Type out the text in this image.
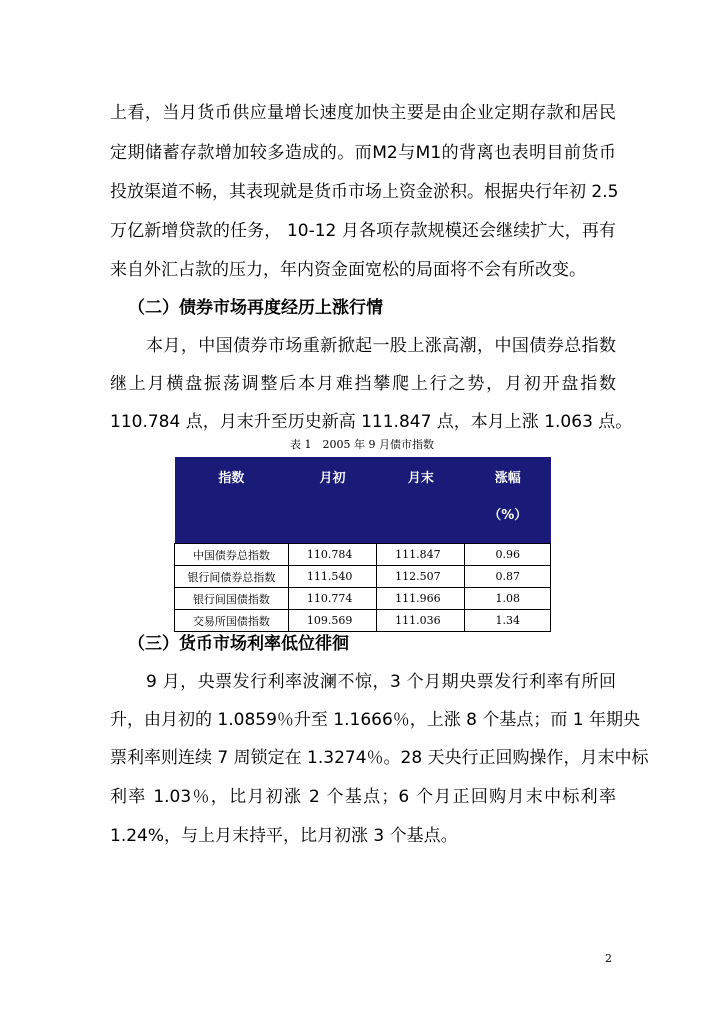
上看，当月货币供应量增长速度加快主要是由企业定期存款和居民
定期储蓄存款增加较多造成的。而M2与M1的背离也表明目前货币
投放渠道不畅，其表现就是货币市场上资金淤积。根据央行年初 2.5
万亿新增贷款的任务， 10-12 月各项存款规模还会继续扩大，再有
来自外汇占款的压力，年内资金面宽松的局面将不会有所改变。
（二）债券市场再度经历上涨行情
本月，中国债券市场重新掀起一股上涨高潮，中国债券总指数
继上月横盘振荡调整后本月难挡攀爬上行之势，月初开盘指数
110.784 点，月末升至历史新高 111.847 点，本月上涨 1.063 点。
表 1　2005 年 9 月债市指数
指数	月初	月末	涨幅
（%）

中国债券总指数	110.784	111.847	0.96
银行间债券总指数	111.540	112.507	0.87
银行间国债指数	110.774	111.966	1.08
交易所国债指数	109.569	111.036	1.34
（三）货币市场利率低位徘徊
9 月，央票发行利率波澜不惊，3 个月期央票发行利率有所回
升，由月初的 1.0859％升至 1.1666％，上涨 8 个基点；而 1 年期央
票利率则连续 7 周锁定在 1.3274％。28 天央行正回购操作，月末中标
利率 1.03％，比月初涨 2 个基点；6 个月正回购月末中标利率
1.24%，与上月末持平，比月初涨 3 个基点。
2
